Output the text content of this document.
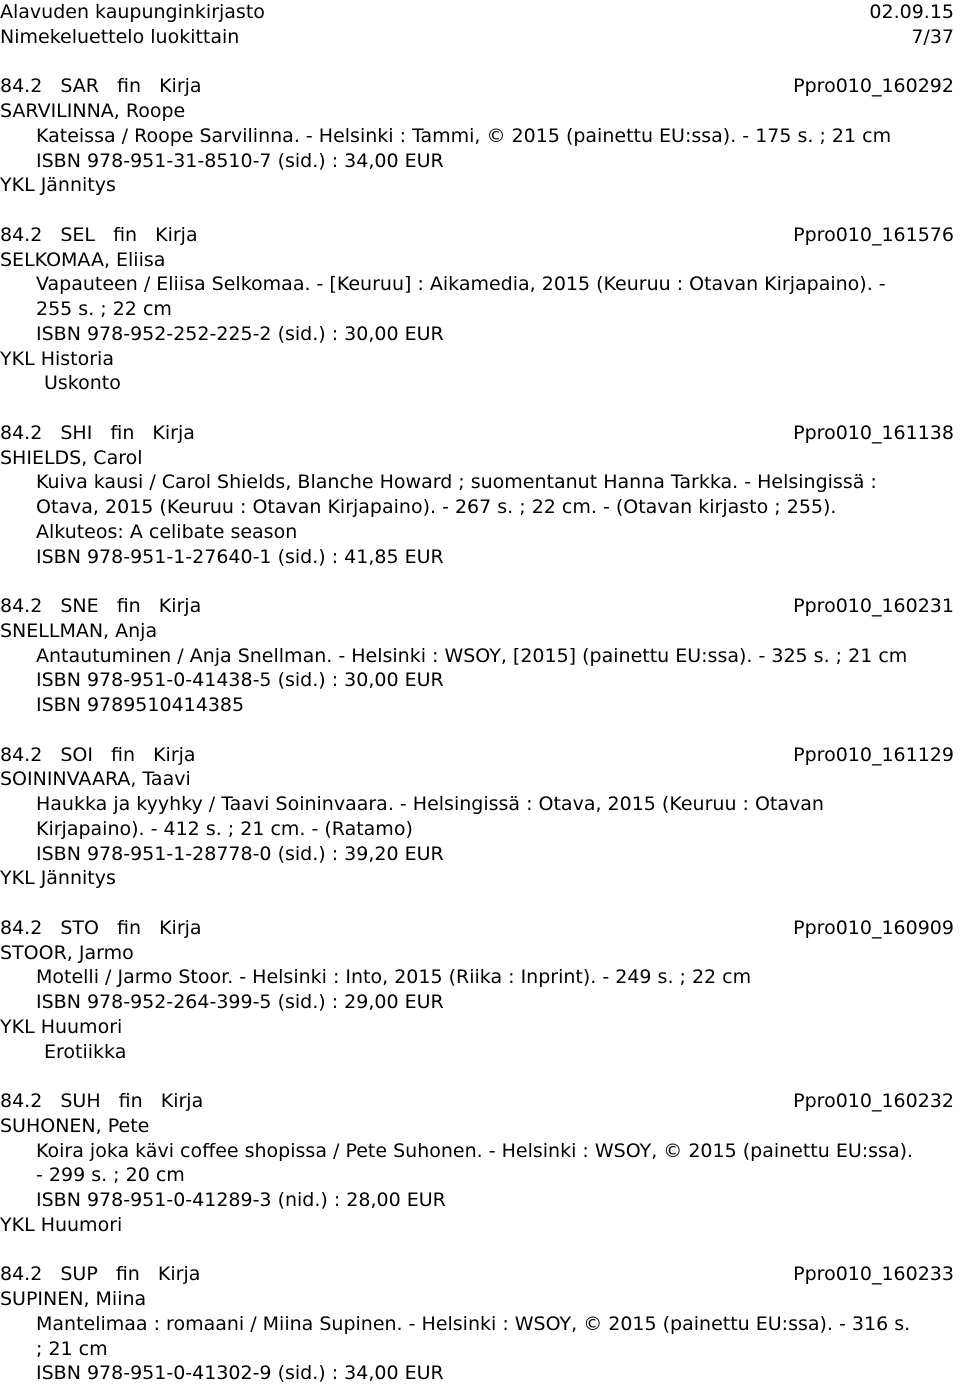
Alavuden kaupunginkirjasto	02.09.15
Nimekeluettelo luokittain	7/37
84.2 SAR fin Kirja	Ppro010_160292
SARVILINNA, Roope
Kateissa / Roope Sarvilinna. - Helsinki : Tammi, © 2015 (painettu EU:ssa). - 175 s. ; 21 cm
ISBN 978-951-31-8510-7 (sid.) : 34,00 EUR
YKL Jännitys
84.2 SEL fin Kirja	Ppro010_161576
SELKOMAA, Eliisa
Vapauteen / Eliisa Selkomaa. - [Keuruu] : Aikamedia, 2015 (Keuruu : Otavan Kirjapaino). -
255 s. ; 22 cm
ISBN 978-952-252-225-2 (sid.) : 30,00 EUR
YKL Historia
Uskonto
84.2 SHI fin Kirja	Ppro010_161138
SHIELDS, Carol
Kuiva kausi / Carol Shields, Blanche Howard ; suomentanut Hanna Tarkka. - Helsingissä :
Otava, 2015 (Keuruu : Otavan Kirjapaino). - 267 s. ; 22 cm. - (Otavan kirjasto ; 255).
Alkuteos: A celibate season
ISBN 978-951-1-27640-1 (sid.) : 41,85 EUR
84.2 SNE fin Kirja	Ppro010_160231
SNELLMAN, Anja
Antautuminen / Anja Snellman. - Helsinki : WSOY, [2015] (painettu EU:ssa). - 325 s. ; 21 cm
ISBN 978-951-0-41438-5 (sid.) : 30,00 EUR
ISBN 9789510414385
84.2 SOI fin Kirja	Ppro010_161129
SOININVAARA, Taavi
Haukka ja kyyhky / Taavi Soininvaara. - Helsingissä : Otava, 2015 (Keuruu : Otavan
Kirjapaino). - 412 s. ; 21 cm. - (Ratamo)
ISBN 978-951-1-28778-0 (sid.) : 39,20 EUR
YKL Jännitys
84.2 STO fin Kirja	Ppro010_160909
STOOR, Jarmo
Motelli / Jarmo Stoor. - Helsinki : Into, 2015 (Riika : Inprint). - 249 s. ; 22 cm
ISBN 978-952-264-399-5 (sid.) : 29,00 EUR
YKL Huumori
Erotiikka
84.2 SUH fin Kirja	Ppro010_160232
SUHONEN, Pete
Koira joka kävi coffee shopissa / Pete Suhonen. - Helsinki : WSOY, © 2015 (painettu EU:ssa).
- 299 s. ; 20 cm
ISBN 978-951-0-41289-3 (nid.) : 28,00 EUR
YKL Huumori
84.2 SUP fin Kirja	Ppro010_160233
SUPINEN, Miina
Mantelimaa : romaani / Miina Supinen. - Helsinki : WSOY, © 2015 (painettu EU:ssa). - 316 s.
; 21 cm
ISBN 978-951-0-41302-9 (sid.) : 34,00 EUR
